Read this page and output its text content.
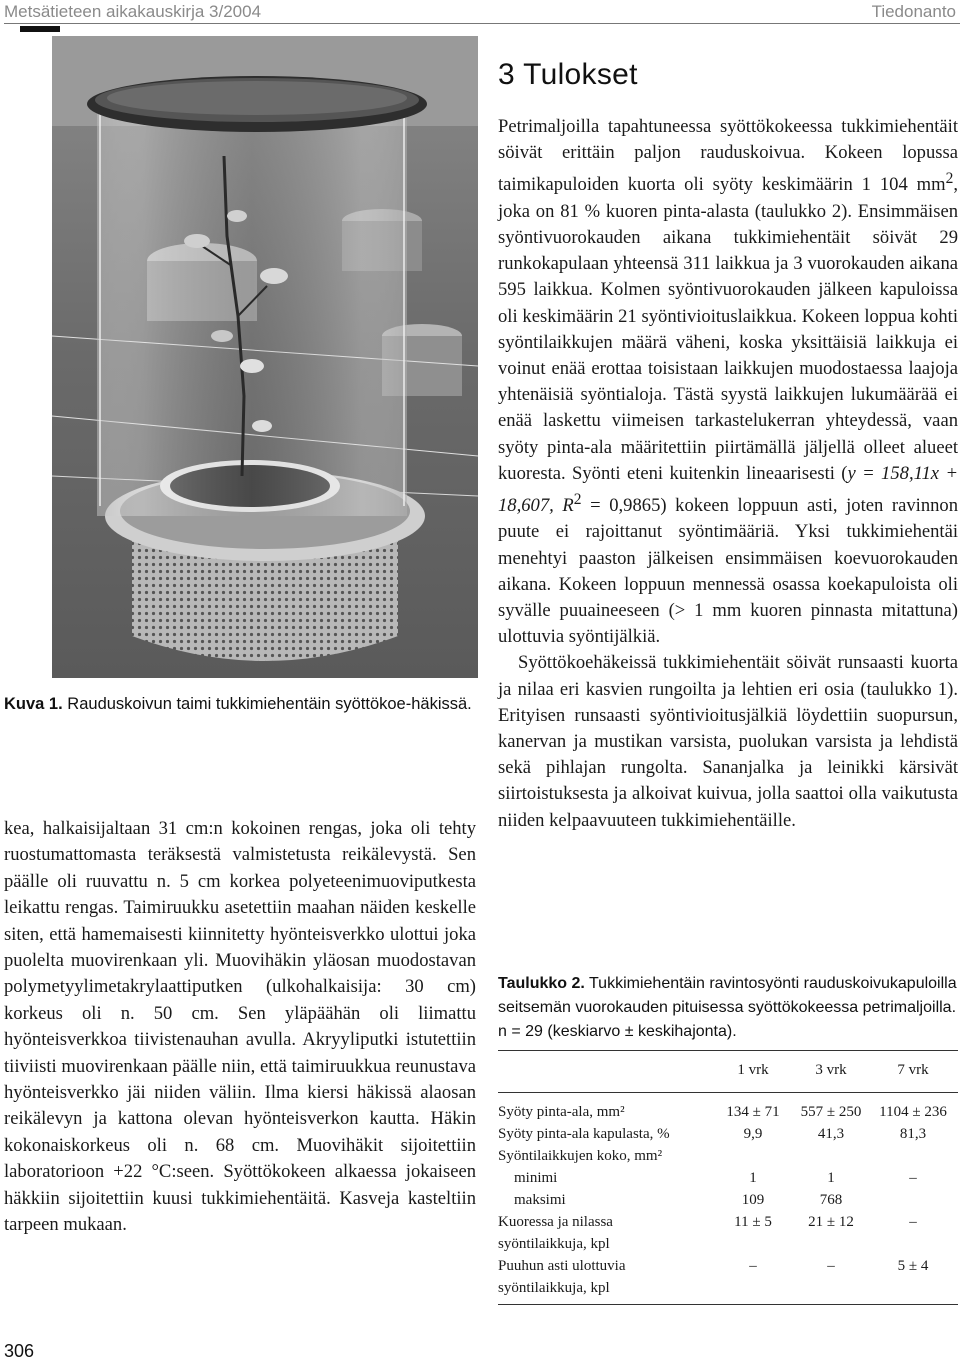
Metsätieteen aikakauskirja 3/2004	Tiedonanto
Kuva 1. Rauduskoivun taimi tukkimiehentäin syöttökoe-häkissä.

kea, halkaisijaltaan 31 cm:n kokoinen rengas, joka oli tehty ruostumattomasta teräksestä valmistetusta reikälevystä. Sen päälle oli ruuvattu n. 5 cm korkea polyeteenimuoviputkesta leikattu rengas. Taimiruukku asetettiin maahan näiden keskelle siten, että hamemaisesti kiinnitetty hyönteisverkko ulottui joka puolelta muovirenkaan yli. Muovihäkin yläosan muodostavan polymetyylimetakrylaattiputken (ulkohalkaisija: 30 cm) korkeus oli n. 50 cm. Sen yläpäähän oli liimattu hyönteisverkkoa tiivistenauhan avulla. Akryyliputki istutettiin tiiviisti muovirenkaan päälle niin, että taimiruukkua reunustava hyönteisverkko jäi niiden väliin. Ilma kiersi häkissä alaosan reikälevyn ja kattona olevan hyönteisverkon kautta. Häkin kokonaiskorkeus oli n. 68 cm. Muovihäkit sijoitettiin laboratorioon +22 °C:seen. Syöttökokeen alkaessa jokaiseen häkkiin sijoitettiin kuusi tukkimiehentäitä. Kasveja kasteltiin tarpeen mukaan.

3 Tulokset

Petrimaljoilla tapahtuneessa syöttökokeessa tukkimiehentäit söivät erittäin paljon rauduskoivua. Kokeen lopussa taimikapuloiden kuorta oli syöty keskimäärin 1 104 $mm^2$, joka on 81 % kuoren pinta-alasta (taulukko 2). Ensimmäisen syöntivuorokauden aikana tukkimiehentäit söivät 29 runkokapulaan yhteensä 311 laikkua ja 3 vuorokauden aikana 595 laikkua. Kolmen syöntivuorokauden jälkeen kapuloissa oli keskimäärin 21 syöntivioituslaikkua. Kokeen loppua kohti syöntilaikkujen määrä väheni, koska yksittäisiä laikkuja ei voinut enää erottaa toisistaan laikkujen muodostaessa laajoja yhtenäisiä syöntialoja. Tästä syystä laikkujen lukumäärää ei enää laskettu viimeisen tarkastelukerran yhteydessä, vaan syöty pinta-ala määritettiin piirtämällä jäljellä olleet alueet kuoresta. Syönti eteni kuitenkin lineaarisesti (y = 158,11x + 18,607, $R^2 = 0,9865$) kokeen loppuun asti, joten ravinnon puute ei rajoittanut syöntimääriä. Yksi tukkimiehentäi menehtyi paaston jälkeisen ensimmäisen koevuorokauden aikana. Kokeen loppuun mennessä osassa koekapuloista oli syvälle puuaineeseen (> 1 mm kuoren pinnasta mitattuna) ulottuvia syöntijälkiä.

Syöttökoehäkeissä tukkimiehentäit söivät runsaasti kuorta ja nilaa eri kasvien rungoilta ja lehtien eri osia (taulukko 1). Erityisen runsaasti syöntivioitusjälkiä löydettiin suopursun, kanervan ja mustikan varsista, puolukan varsista ja lehdistä sekä pihlajan rungolta. Sananjalka ja leinikki kärsivät siirtoistuksesta ja alkoivat kuivua, jolla saattoi olla vaikutusta niiden kelpaavuuteen tukkimiehentäille.

Taulukko 2. Tukkimiehentäin ravintosyönti rauduskoivukapuloilla seitsemän vuorokauden pituisessa syöttökokeessa petrimaljoilla. n = 29 (keskiarvo ± keskihajonta).
1 vrk	3 vrk	7 vrk
Syöty pinta-ala, mm²	134 ± 71	557 ± 250	1104 ± 236
Syöty pinta-ala kapulasta, %	9,9	41,3	81,3
Syöntilaikkujen koko, mm²
minimi	1	1	–
maksimi	109	768
Kuoressa ja nilassa	11 ± 5	21 ± 12	–
syöntilaikkuja, kpl
Puuhun asti ulottuvia	–	–	5 ± 4
syöntilaikkuja, kpl
306
